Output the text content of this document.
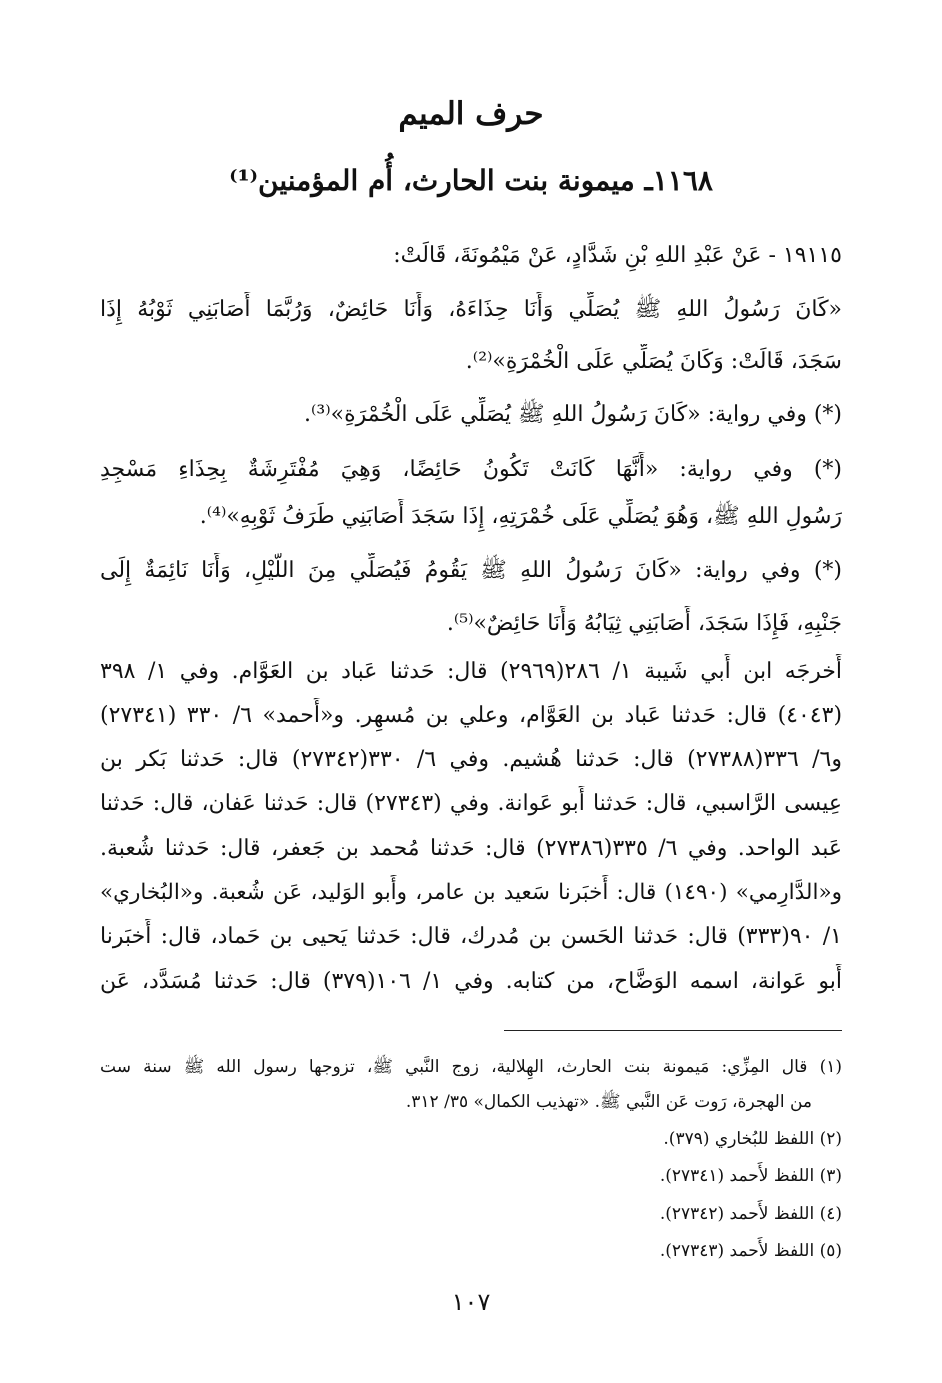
حرف الميم
١١٦٨ـ ميمونة بنت الحارث، أُم المؤمنين⁽¹⁾
١٩١١٥ - عَنْ عَبْدِ اللهِ بْنِ شَدَّادٍ، عَنْ مَيْمُونَةَ، قَالَتْ:
«كَانَ رَسُولُ اللهِ ﷺ يُصَلِّي وَأَنَا حِذَاءَهُ، وَأَنَا حَائِضٌ، وَرُبَّمَا أَصَابَنِي ثَوْبُهُ إِذَا
سَجَدَ، قَالَتْ: وَكَانَ يُصَلِّي عَلَى الْخُمْرَةِ»⁽²⁾.
(*) وفي رواية: «كَانَ رَسُولُ اللهِ ﷺ يُصَلِّي عَلَى الْخُمْرَةِ»⁽³⁾.
(*) وفي رواية: «أَنَّهَا كَانَتْ تَكُونُ حَائِضًا، وَهِيَ مُفْتَرِشَةٌ بِحِذَاءِ مَسْجِدِ
رَسُولِ اللهِ ﷺ، وَهُوَ يُصَلِّي عَلَى خُمْرَتِهِ، إِذَا سَجَدَ أَصَابَنِي طَرَفُ ثَوْبِهِ»⁽⁴⁾.
(*) وفي رواية: «كَانَ رَسُولُ اللهِ ﷺ يَقُومُ فَيُصَلِّي مِنَ اللَّيْلِ، وَأَنَا نَائِمَةٌ إِلَى
جَنْبِهِ، فَإِذَا سَجَدَ، أَصَابَنِي ثِيَابُهُ وَأَنَا حَائِضٌ»⁽⁵⁾.
أَخرجَه ابن أَبي شَيبة ١/ ٢٨٦(٢٩٦٩) قال: حَدثنا عَباد بن العَوَّام. وفي ١/ ٣٩٨
(٤٠٤٣) قال: حَدثنا عَباد بن العَوَّام، وعلي بن مُسهِر. و«أَحمد» ٦/ ٣٣٠ (٢٧٣٤١)
و٦/ ٣٣٦(٢٧٣٨٨) قال: حَدثنا هُشيم. وفي ٦/ ٣٣٠(٢٧٣٤٢) قال: حَدثنا بَكر بن
عِيسى الرَّاسبي، قال: حَدثنا أَبو عَوانة. وفي (٢٧٣٤٣) قال: حَدثنا عَفان، قال: حَدثنا
عَبد الواحد. وفي ٦/ ٣٣٥(٢٧٣٨٦) قال: حَدثنا مُحمد بن جَعفر، قال: حَدثنا شُعبة.
و«الدَّارِمي» (١٤٩٠) قال: أَخبَرنا سَعيد بن عامر، وأَبو الوَليد، عَن شُعبة. و«البُخاري»
١/ ٩٠(٣٣٣) قال: حَدثنا الحَسن بن مُدرك، قال: حَدثنا يَحيى بن حَماد، قال: أَخبَرنا
أَبو عَوانة، اسمه الوَضَّاح، من كتابه. وفي ١/ ١٠٦(٣٧٩) قال: حَدثنا مُسَدَّد، عَن
(١) قال المِزِّي: مَيمونة بنت الحارث، الهِلالية، زوج النَّبي ﷺ، تزوجها رسول الله ﷺ سنة ست
من الهجرة، رَوت عَن النَّبي ﷺ. «تهذيب الكمال» ٣٥/ ٣١٢.
(٢) اللفظ للبُخاري (٣٧٩).
(٣) اللفظ لأَحمد (٢٧٣٤١).
(٤) اللفظ لأَحمد (٢٧٣٤٢).
(٥) اللفظ لأَحمد (٢٧٣٤٣).
١٠٧
